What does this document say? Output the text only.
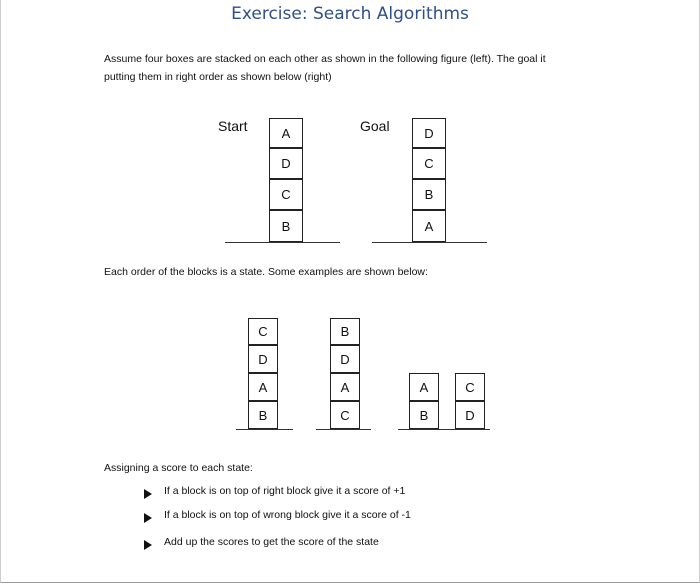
Exercise: Search Algorithms
Assume four boxes are stacked on each other as shown in the following figure (left). The goal it
putting them in right order as shown below (right)
Start	Goal
A
D
C
B
D
C
B
A
Each order of the blocks is a state. Some examples are shown below:
C
D
A
B
B
D
A
C
A
B
C
D
Assigning a score to each state:
If a block is on top of right block give it a score of +1
If a block is on top of wrong block give it a score of -1
Add up the scores to get the score of the state
